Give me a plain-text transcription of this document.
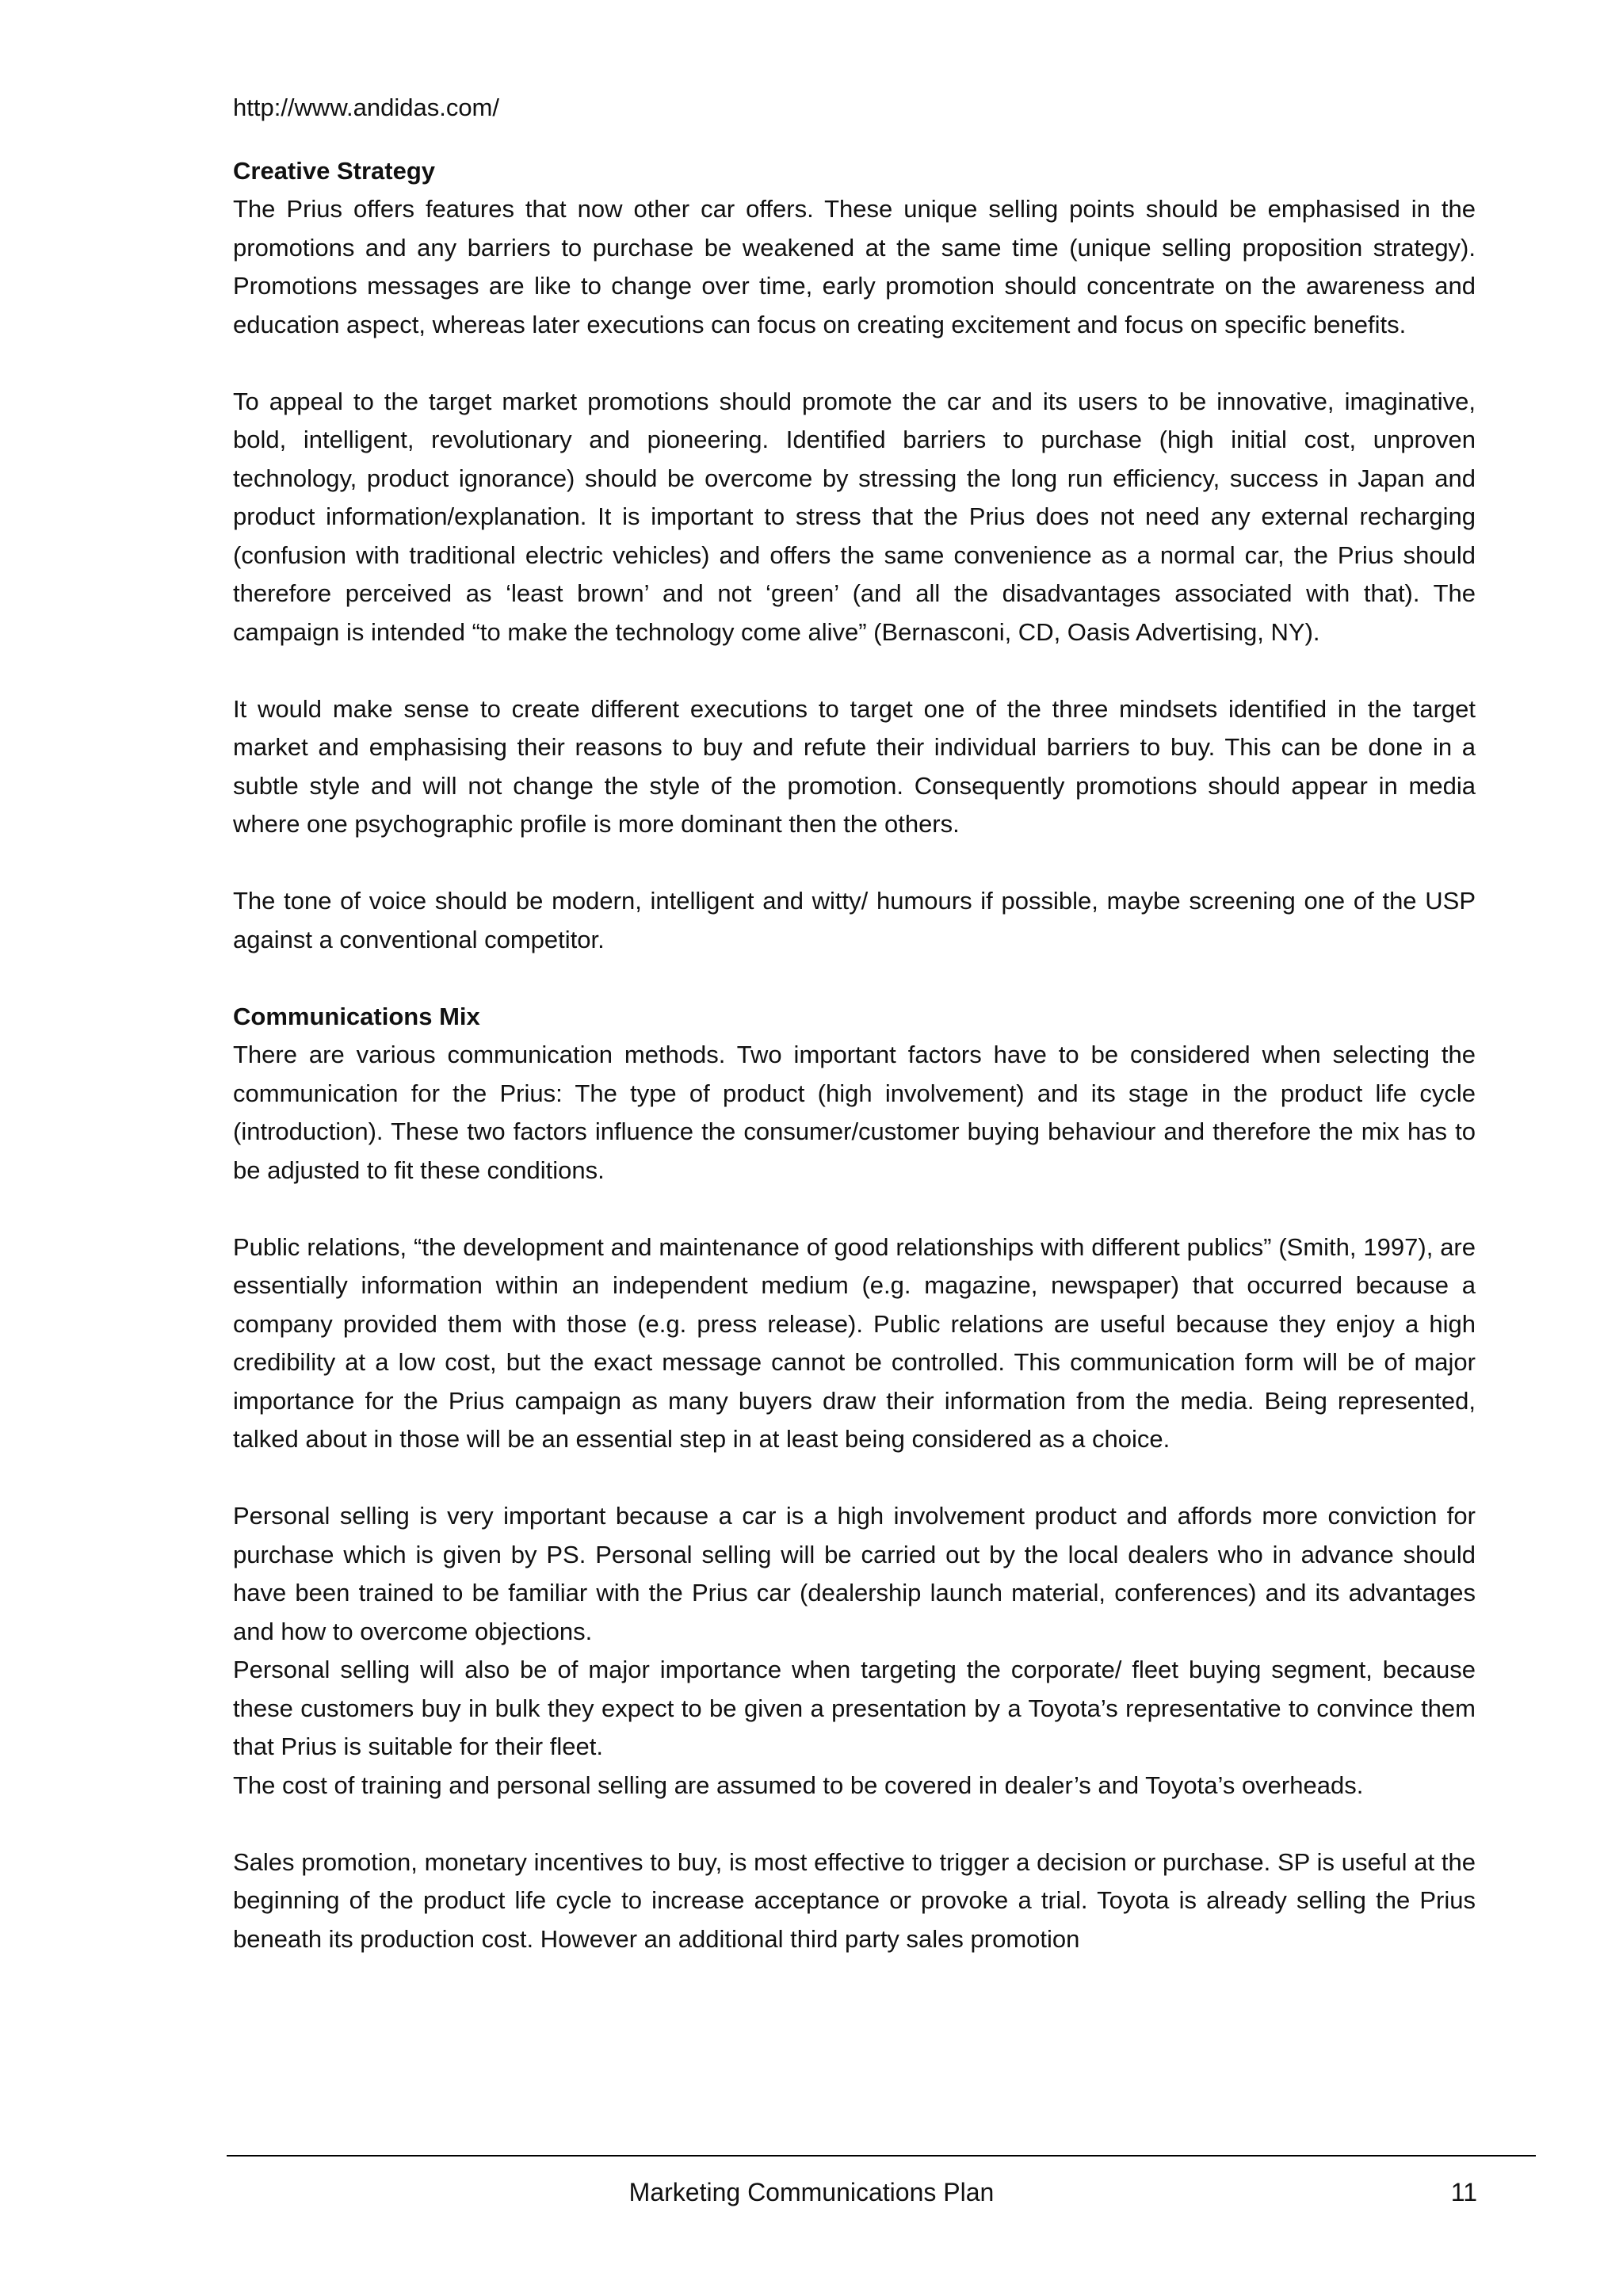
http://www.andidas.com/

Creative Strategy

The Prius offers features that now other car offers. These unique selling points should be emphasised in the promotions and any barriers to purchase be weakened at the same time (unique selling proposition strategy). Promotions messages are like to change over time, early promotion should concentrate on the awareness and education aspect, whereas later executions can focus on creating excitement and focus on specific benefits.

To appeal to the target market promotions should promote the car and its users to be innovative, imaginative, bold, intelligent, revolutionary and pioneering. Identified barriers to purchase (high initial cost, unproven technology, product ignorance) should be overcome by stressing the long run efficiency, success in Japan and product information/explanation. It is important to stress that the Prius does not need any external recharging (confusion with traditional electric vehicles) and offers the same convenience as a normal car, the Prius should therefore perceived as ‘least brown’ and not ‘green’ (and all the disadvantages associated with that). The campaign is intended “to make the technology come alive” (Bernasconi, CD, Oasis Advertising, NY).

It would make sense to create different executions to target one of the three mindsets identified in the target market and emphasising their reasons to buy and refute their individual barriers to buy. This can be done in a subtle style and will not change the style of the promotion. Consequently promotions should appear in media where one psychographic profile is more dominant then the others.

The tone of voice should be modern, intelligent and witty/ humours if possible, maybe screening one of the USP against a conventional competitor.

Communications Mix

There are various communication methods. Two important factors have to be considered when selecting the communication for the Prius: The type of product (high involvement) and its stage in the product life cycle (introduction). These two factors influence the consumer/customer buying behaviour and therefore the mix has to be adjusted to fit these conditions.

Public relations, “the development and maintenance of good relationships with different publics” (Smith, 1997), are essentially information within an independent medium (e.g. magazine, newspaper) that occurred because a company provided them with those (e.g. press release). Public relations are useful because they enjoy a high credibility at a low cost, but the exact message cannot be controlled. This communication form will be of major importance for the Prius campaign as many buyers draw their information from the media. Being represented, talked about in those will be an essential step in at least being considered as a choice.

Personal selling is very important because a car is a high involvement product and affords more conviction for purchase which is given by PS. Personal selling will be carried out by the local dealers who in advance should have been trained to be familiar with the Prius car (dealership launch material, conferences) and its advantages and how to overcome objections.

Personal selling will also be of major importance when targeting the corporate/ fleet buying segment, because these customers buy in bulk they expect to be given a presentation by a Toyota’s representative to convince them that Prius is suitable for their fleet.

The cost of training and personal selling are assumed to be covered in dealer’s and Toyota’s overheads.

Sales promotion, monetary incentives to buy, is most effective to trigger a decision or purchase. SP is useful at the beginning of the product life cycle to increase acceptance or provoke a trial. Toyota is already selling the Prius beneath its production cost. However an additional third party sales promotion

Marketing Communications Plan	11
